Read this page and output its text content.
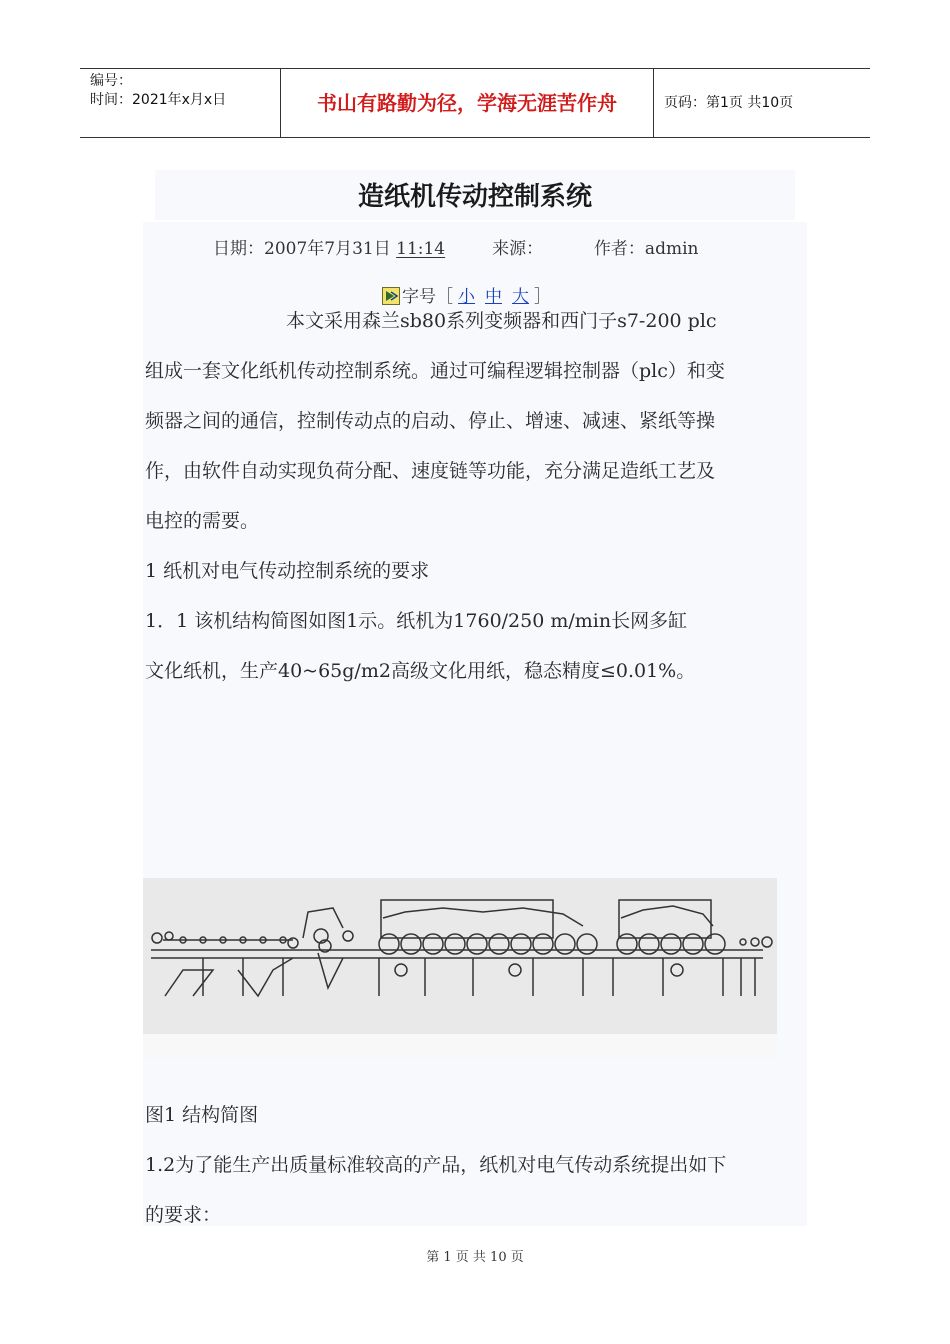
编号：
时间：2021年x月x日	书山有路勤为径，学海无涯苦作舟	页码：第1页 共10页
造纸机传动控制系统
日期：2007年7月31日 11:14	来源：	作者：admin
字号［ 小 中 大 ］
本文采用森兰sb80系列变频器和西门子s7-200 plc
组成一套文化纸机传动控制系统。通过可编程逻辑控制器（plc）和变
频器之间的通信，控制传动点的启动、停止、增速、减速、紧纸等操
作，由软件自动实现负荷分配、速度链等功能，充分满足造纸工艺及
电控的需要。
1 纸机对电气传动控制系统的要求
1．1 该机结构简图如图1示。纸机为1760/250 m/min长网多缸
文化纸机，生产40~65g/m2高级文化用纸，稳态精度≤0.01%。
图1 结构简图
1.2为了能生产出质量标准较高的产品，纸机对电气传动系统提出如下
的要求：
第 1 页 共 10 页
